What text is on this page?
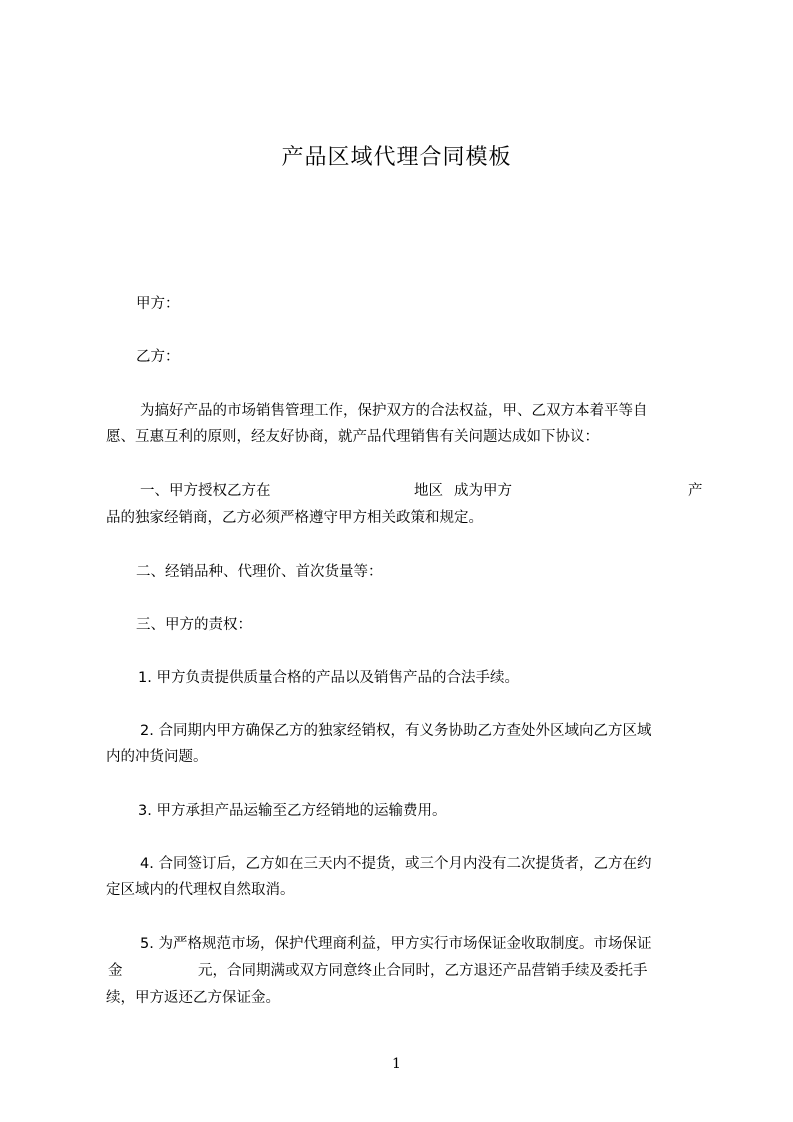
产品区域代理合同模板

甲方：

乙方：

为搞好产品的市场销售管理工作，保护双方的合法权益，甲、乙双方本着平等自

愿、互惠互利的原则，经友好协商，就产品代理销售有关问题达成如下协议：

一、甲方授权乙方在	地区 成为甲方	产

品的独家经销商，乙方必须严格遵守甲方相关政策和规定。

二、经销品种、代理价、首次货量等：

三、甲方的责权：

1. 甲方负责提供质量合格的产品以及销售产品的合法手续。

2. 合同期内甲方确保乙方的独家经销权，有义务协助乙方查处外区域向乙方区域

内的冲货问题。

3. 甲方承担产品运输至乙方经销地的运输费用。

4. 合同签订后，乙方如在三天内不提货，或三个月内没有二次提货者，乙方在约

定区域内的代理权自然取消。

5. 为严格规范市场，保护代理商利益，甲方实行市场保证金收取制度。市场保证

金	元，合同期满或双方同意终止合同时，乙方退还产品营销手续及委托手

续，甲方返还乙方保证金。

1
